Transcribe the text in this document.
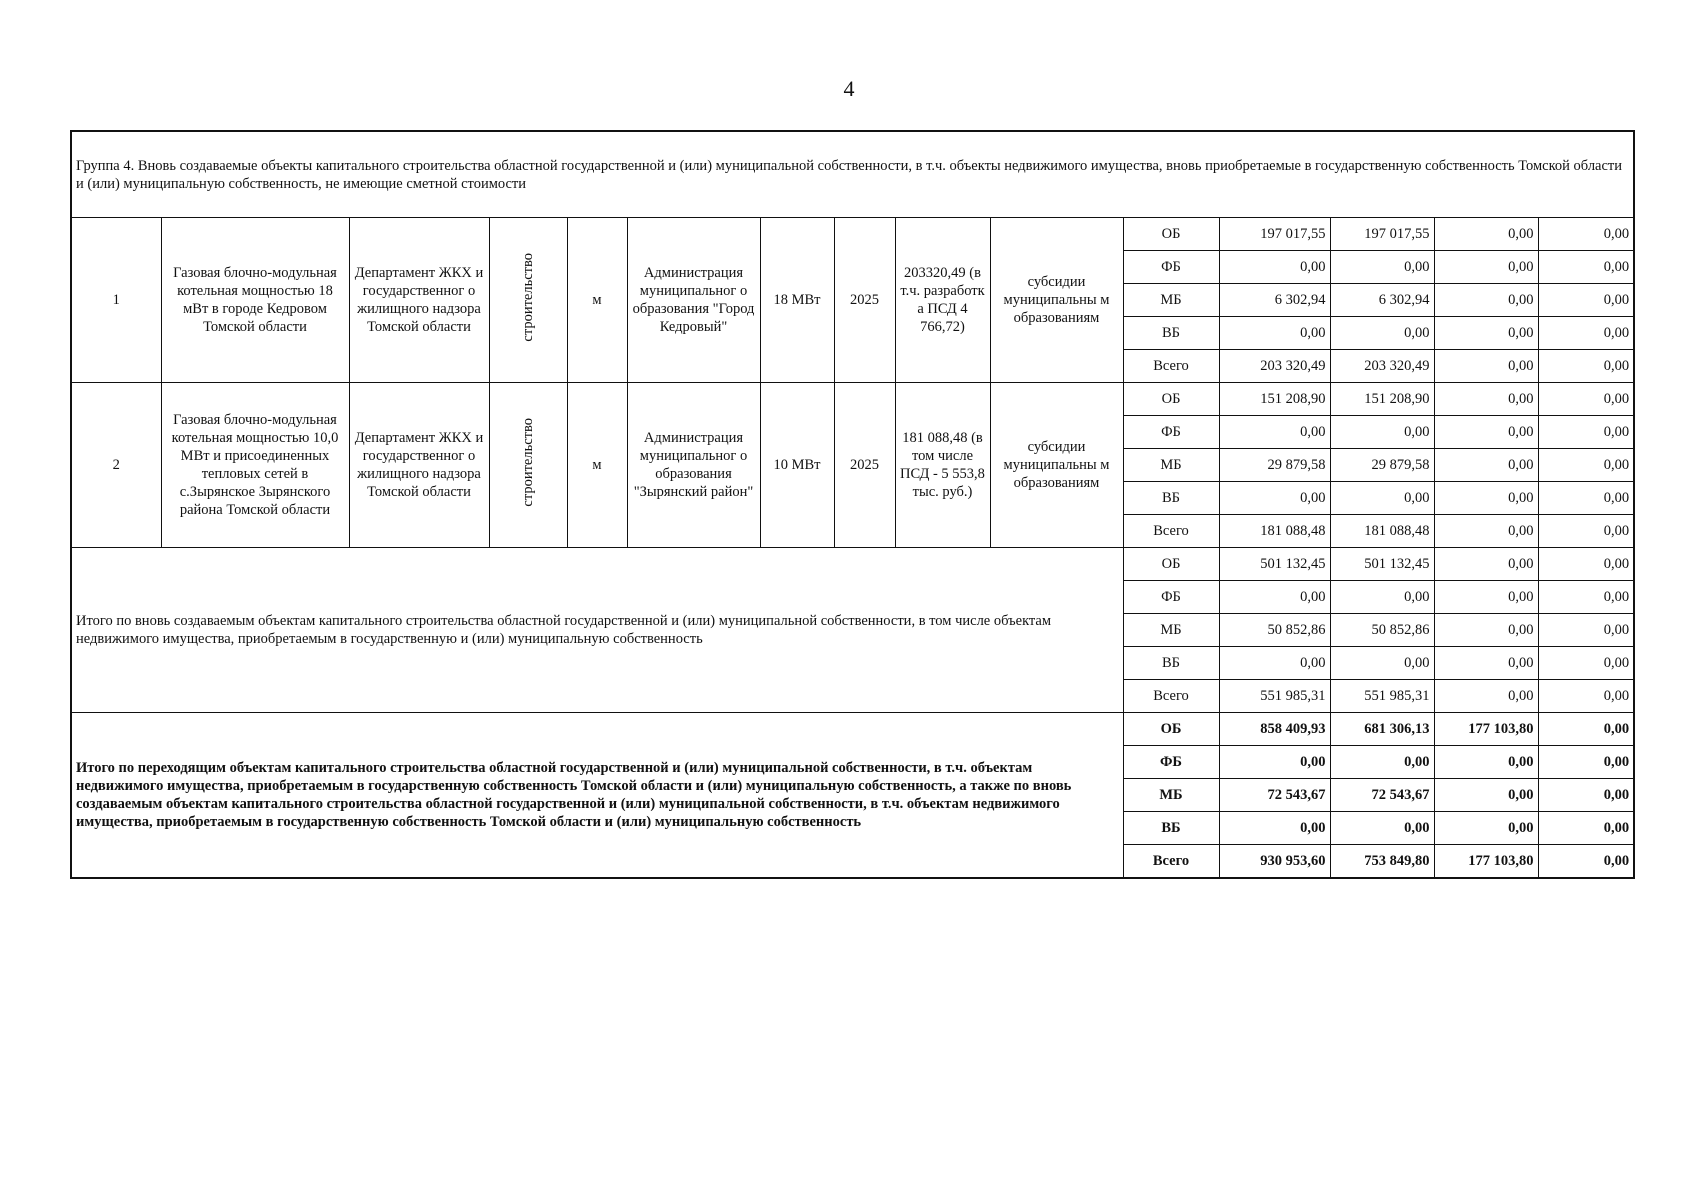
4
Группа 4. Вновь создаваемые объекты капитального строительства областной государственной и (или) муниципальной собственности, в т.ч. объекты недвижимого имущества, вновь приобретаемые в государственную собственность Томской области и (или) муниципальную собственность, не имеющие сметной стоимости														
1	Газовая блочно-модульная котельная мощностью 18 мВт в городе Кедровом Томской области	Департамент ЖКХ и государственног о жилищного надзора Томской области	строительство	м	Администрация муниципальног о образования "Город Кедровый"	18 МВт	2025	203320,49 (в т.ч. разработк а ПСД 4 766,72)	субсидии муниципальны м образованиям	ОБ	197 017,55	197 017,55	0,00	0,00
										ФБ	0,00	0,00	0,00	0,00
										МБ	6 302,94	6 302,94	0,00	0,00
										ВБ	0,00	0,00	0,00	0,00
										Всего	203 320,49	203 320,49	0,00	0,00
2	Газовая блочно-модульная котельная мощностью 10,0 МВт и присоединенных тепловых сетей в с.Зырянское Зырянского района Томской области	Департамент ЖКХ и государственног о жилищного надзора Томской области	строительство	м	Администрация муниципальног о образования "Зырянский район"	10 МВт	2025	181 088,48 (в том числе ПСД - 5 553,8 тыс. руб.)	субсидии муниципальны м образованиям	ОБ	151 208,90	151 208,90	0,00	0,00
										ФБ	0,00	0,00	0,00	0,00
										МБ	29 879,58	29 879,58	0,00	0,00
										ВБ	0,00	0,00	0,00	0,00
										Всего	181 088,48	181 088,48	0,00	0,00
Итого по вновь создаваемым объектам капитального строительства областной государственной и (или) муниципальной собственности, в том числе объектам недвижимого имущества, приобретаемым в государственную и (или) муниципальную собственность										ОБ	501 132,45	501 132,45	0,00	0,00
										ФБ	0,00	0,00	0,00	0,00
										МБ	50 852,86	50 852,86	0,00	0,00
										ВБ	0,00	0,00	0,00	0,00
										Всего	551 985,31	551 985,31	0,00	0,00
Итого по переходящим объектам капитального строительства областной государственной и (или) муниципальной собственности, в т.ч. объектам недвижимого имущества, приобретаемым в государственную собственность Томской области и (или) муниципальную собственность, а также по вновь создаваемым объектам капитального строительства областной государственной и (или) муниципальной собственности, в т.ч. объектам недвижимого имущества, приобретаемым в государственную собственность Томской области и (или) муниципальную собственность										ОБ	858 409,93	681 306,13	177 103,80	0,00
										ФБ	0,00	0,00	0,00	0,00
										МБ	72 543,67	72 543,67	0,00	0,00
										ВБ	0,00	0,00	0,00	0,00
										Всего	930 953,60	753 849,80	177 103,80	0,00
